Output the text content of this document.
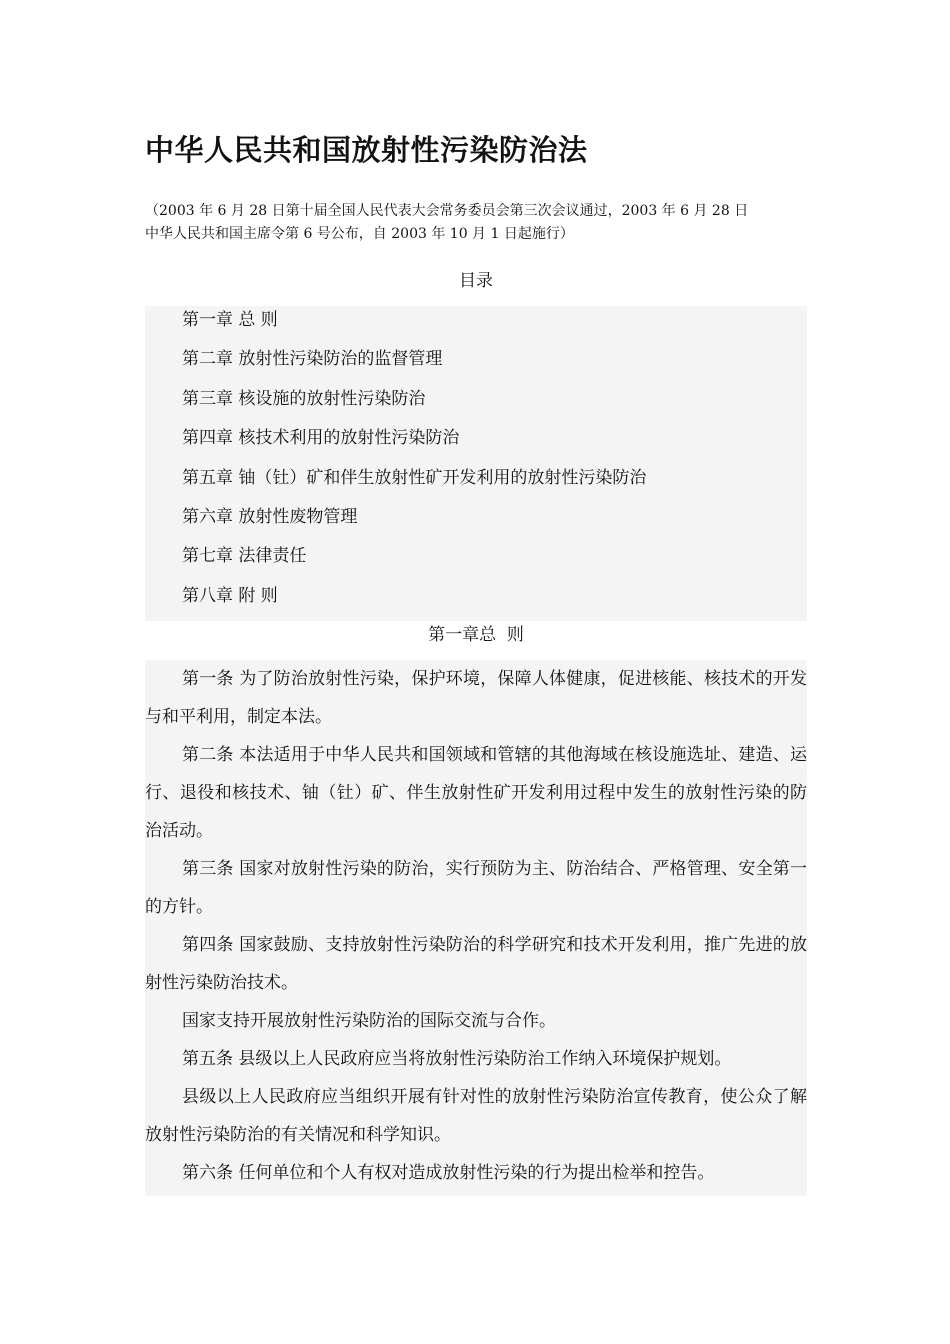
中华人民共和国放射性污染防治法
（2003 年 6 月 28 日第十届全国人民代表大会常务委员会第三次会议通过，2003 年 6 月 28 日
中华人民共和国主席令第 6 号公布，自 2003 年 10 月 1 日起施行）
目录
第一章 总 则
第二章 放射性污染防治的监督管理
第三章 核设施的放射性污染防治
第四章 核技术利用的放射性污染防治
第五章 铀（钍）矿和伴生放射性矿开发利用的放射性污染防治
第六章 放射性废物管理
第七章 法律责任
第八章 附 则
第一章总  则

第一条 为了防治放射性污染，保护环境，保障人体健康，促进核能、核技术的开发与和平利用，制定本法。

第二条 本法适用于中华人民共和国领域和管辖的其他海域在核设施选址、建造、运行、退役和核技术、铀（钍）矿、伴生放射性矿开发利用过程中发生的放射性污染的防治活动。

第三条 国家对放射性污染的防治，实行预防为主、防治结合、严格管理、安全第一的方针。

第四条 国家鼓励、支持放射性污染防治的科学研究和技术开发利用，推广先进的放射性污染防治技术。

国家支持开展放射性污染防治的国际交流与合作。

第五条 县级以上人民政府应当将放射性污染防治工作纳入环境保护规划。

县级以上人民政府应当组织开展有针对性的放射性污染防治宣传教育，使公众了解放射性污染防治的有关情况和科学知识。

第六条 任何单位和个人有权对造成放射性污染的行为提出检举和控告。
